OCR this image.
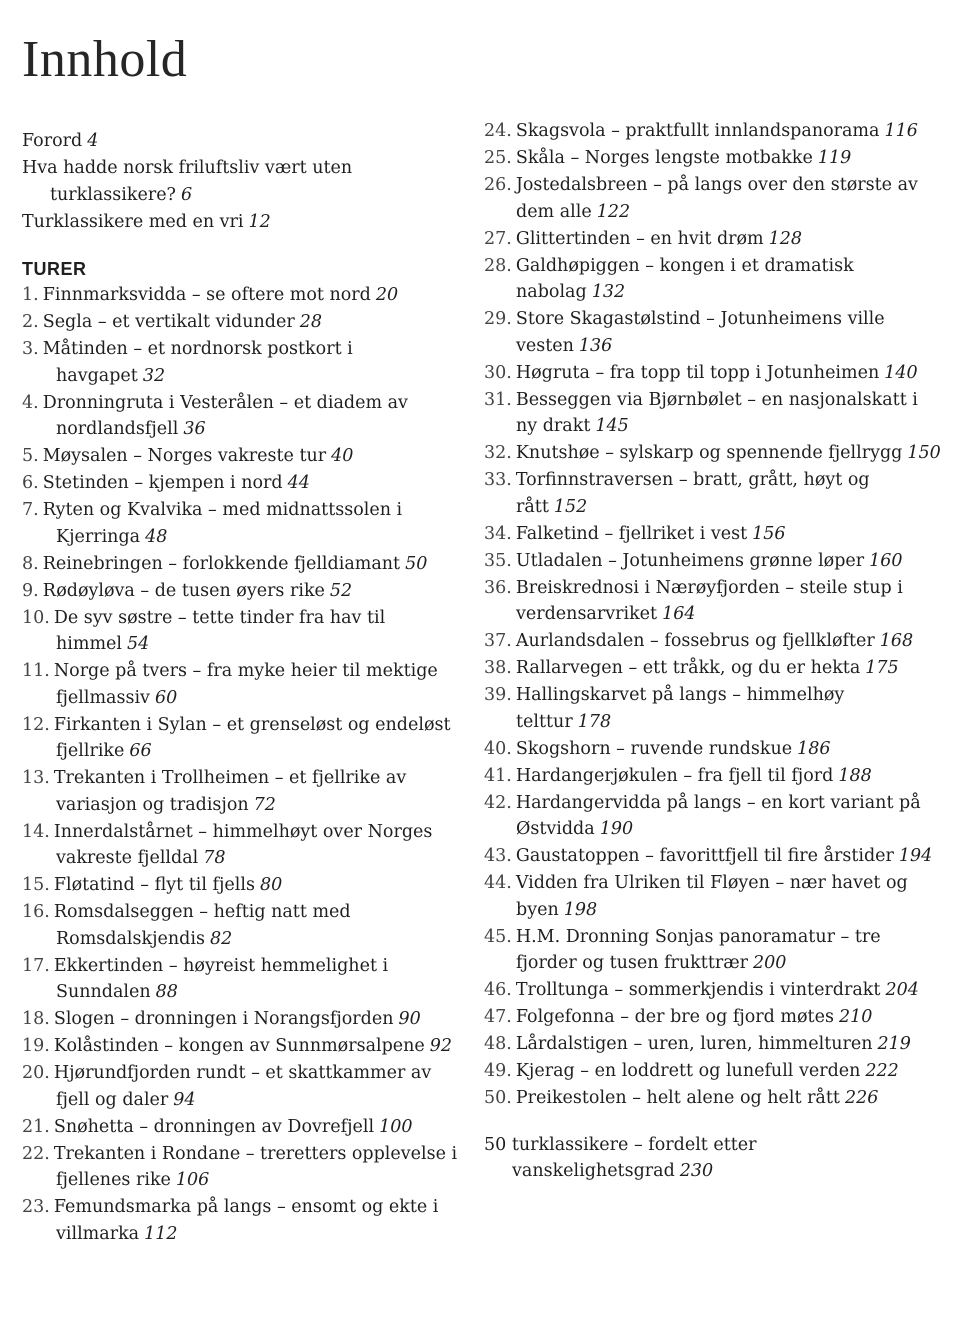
Innhold

Forord 4

Hva hadde norsk friluftsliv vært uten turklassikere? 6

Turklassikere med en vri 12

TURER

1. Finnmarksvidda – se oftere mot nord 20

2. Segla – et vertikalt vidunder 28

3. Måtinden – et nordnorsk postkort i havgapet 32

4. Dronningruta i Vesterålen – et diadem av nordlandsfjell 36

5. Møysalen – Norges vakreste tur 40

6. Stetinden – kjempen i nord 44

7. Ryten og Kvalvika – med midnattssolen i Kjerringa 48

8. Reinebringen – forlokkende fjelldiamant 50

9. Rødøyløva – de tusen øyers rike 52

10. De syv søstre – tette tinder fra hav til himmel 54

11. Norge på tvers – fra myke heier til mektige fjellmassiv 60

12. Firkanten i Sylan – et grenseløst og endeløst fjellrike 66

13. Trekanten i Trollheimen – et fjellrike av variasjon og tradisjon 72

14. Innerdalstårnet – himmelhøyt over Norges vakreste fjelldal 78

15. Fløtatind – flyt til fjells 80

16. Romsdalseggen – heftig natt med Romsdalskjendis 82

17. Ekkertinden – høyreist hemmelighet i Sunndalen 88

18. Slogen – dronningen i Norangsfjorden 90

19. Kolåstinden – kongen av Sunnmørsalpene 92

20. Hjørundfjorden rundt – et skattkammer av fjell og daler 94

21. Snøhetta – dronningen av Dovrefjell 100

22. Trekanten i Rondane – treretters opplevelse i fjellenes rike 106

23. Femundsmarka på langs – ensomt og ekte i villmarka 112

24. Skagsvola – praktfullt innlandspanorama 116

25. Skåla – Norges lengste motbakke 119

26. Jostedalsbreen – på langs over den største av dem alle 122

27. Glittertinden – en hvit drøm 128

28. Galdhøpiggen – kongen i et dramatisk nabolag 132

29. Store Skagastølstind – Jotunheimens ville vesten 136

30. Høgruta – fra topp til topp i Jotunheimen 140

31. Besseggen via Bjørnbølet – en nasjonalskatt i ny drakt 145

32. Knutshøe – sylskarp og spennende fjellrygg 150

33. Torfinnstraversen – bratt, grått, høyt og rått 152

34. Falketind – fjellriket i vest 156

35. Utladalen – Jotunheimens grønne løper 160

36. Breiskrednosi i Nærøyfjorden – steile stup i verdensarvriket 164

37. Aurlandsdalen – fossebrus og fjellkløfter 168

38. Rallarvegen – ett tråkk, og du er hekta 175

39. Hallingskarvet på langs – himmelhøy telttur 178

40. Skogshorn – ruvende rundskue 186

41. Hardangerjøkulen – fra fjell til fjord 188

42. Hardangervidda på langs – en kort variant på Østvidda 190

43. Gaustatoppen – favorittfjell til fire årstider 194

44. Vidden fra Ulriken til Fløyen – nær havet og byen 198

45. H.M. Dronning Sonjas panoramatur – tre fjorder og tusen frukttrær 200

46. Trolltunga – sommerkjendis i vinterdrakt 204

47. Folgefonna – der bre og fjord møtes 210

48. Lårdalstigen – uren, luren, himmelturen 219

49. Kjerag – en loddrett og lunefull verden 222

50. Preikestolen – helt alene og helt rått 226

50 turklassikere – fordelt etter vanskelighetsgrad 230
